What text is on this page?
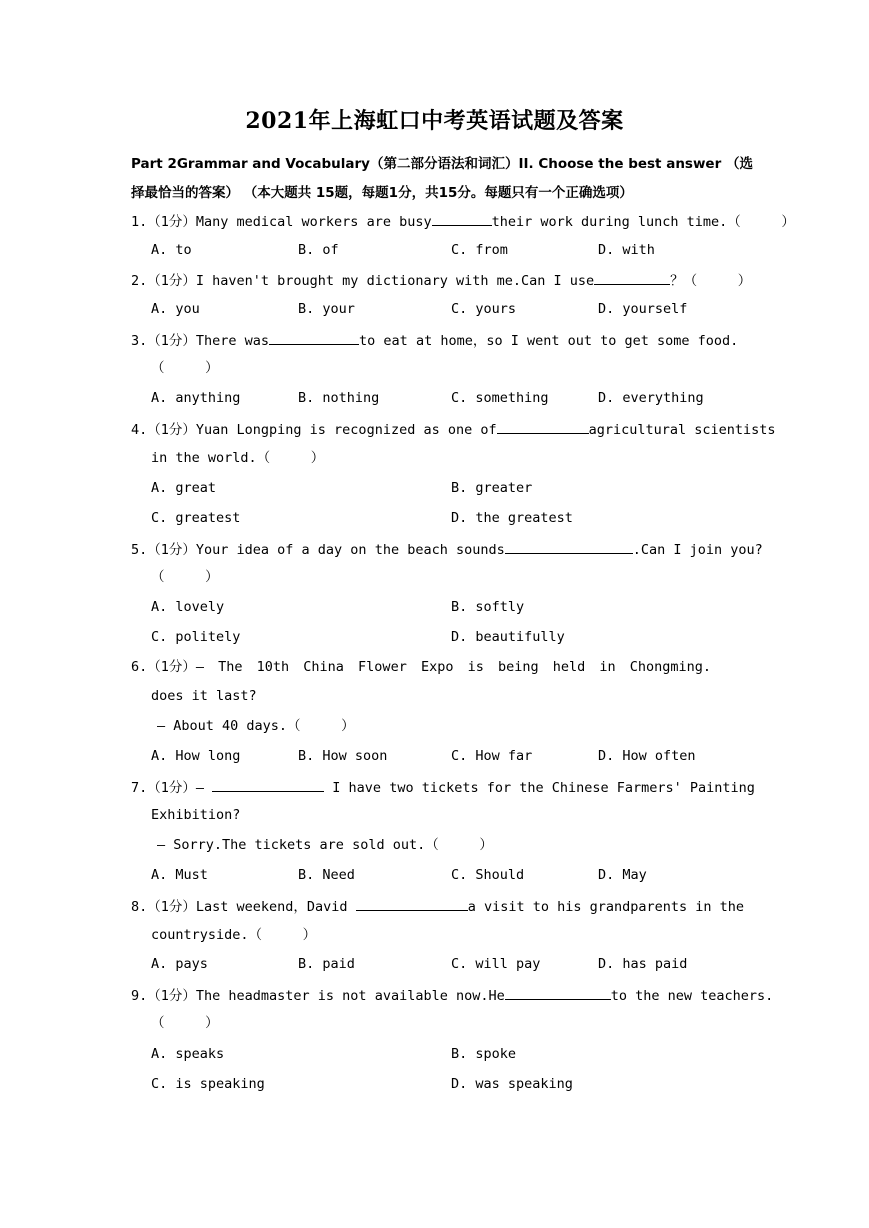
2021年上海虹口中考英语试题及答案
Part 2Grammar and Vocabulary（第二部分语法和词汇）II. Choose the best answer （选
择最恰当的答案） （本大题共 15题，每题1分，共15分。每题只有一个正确选项）
1.（1分）Many medical workers are busy	their work during lunch time.（     ）
A. to	B. of	C. from	D. with
2.（1分）I haven't brought my dictionary with me.Can I use	？（     ）
A. you	B. your	C. yours	D. yourself
3.（1分）There was	to eat at home，so I went out to get some food.
（     ）
A. anything	B. nothing	C. something	D. everything
4.（1分）Yuan Longping is recognized as one of	agricultural scientists
in the world.（     ）
A. great	B. greater
C. greatest	D. the greatest
5.（1分）Your idea of a day on the beach sounds	.Can I join you?
（     ）
A. lovely	B. softly
C. politely	D. beautifully
6.（1分）– The 10th China Flower Expo is being held in Chongming.
does it last?
– About 40 days.（     ）
A. How long	B. How soon	C. How far	D. How often
7.（1分）–	I have two tickets for the Chinese Farmers' Painting
Exhibition?
– Sorry.The tickets are sold out.（     ）
A. Must	B. Need	C. Should	D. May
8.（1分）Last weekend，David	a visit to his grandparents in the
countryside.（     ）
A. pays	B. paid	C. will pay	D. has paid
9.（1分）The headmaster is not available now.He	to the new teachers.
（     ）
A. speaks	B. spoke
C. is speaking	D. was speaking
